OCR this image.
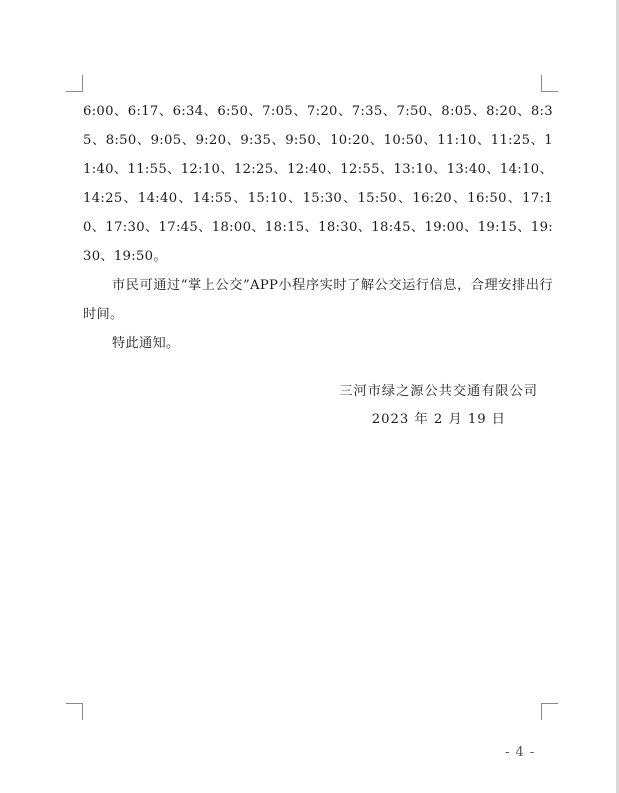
6:00、6:17、6:34、6:50、7:05、7:20、7:35、7:50、8:05、8:20、8:35、8:50、9:05、9:20、9:35、9:50、10:20、10:50、11:10、11:25、11:40、11:55、12:10、12:25、12:40、12:55、13:10、13:40、14:10、14:25、14:40、14:55、15:10、15:30、15:50、16:20、16:50、17:10、17:30、17:45、18:00、18:15、18:30、18:45、19:00、19:15、19:30、19:50。

市民可通过“掌上公交”APP小程序实时了解公交运行信息，合理安排出行时间。

特此通知。

三河市绿之源公共交通有限公司
2023 年 2 月 19 日
- 4 -
